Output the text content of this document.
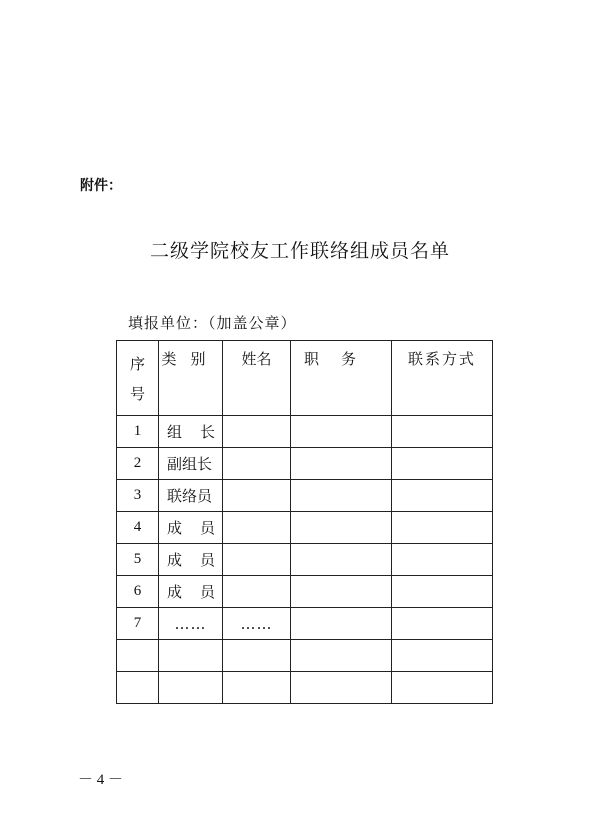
附件：
二级学院校友工作联络组成员名单
填报单位：（加盖公章）
序
号	类别	姓名	职务	联系方式
1	组长			
2	副组长			
3	联络员			
4	成员			
5	成员			
6	成员			
7	……	……		

－ 4 －
